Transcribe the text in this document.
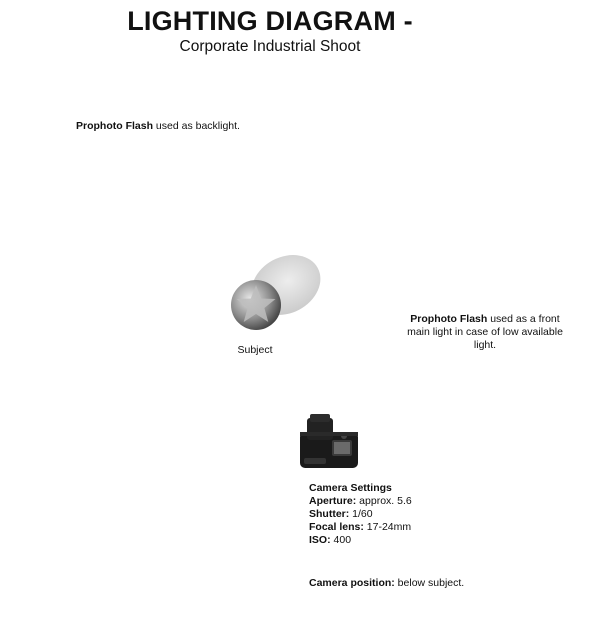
LIGHTING DIAGRAM -
Corporate Industrial Shoot
Prophoto Flash used as backlight.
Subject
Prophoto Flash used as a front main light in case of low available light.
Camera Settings
Aperture: approx. 5.6
Shutter: 1/60
Focal lens: 17-24mm
ISO: 400
Camera position: below subject.
